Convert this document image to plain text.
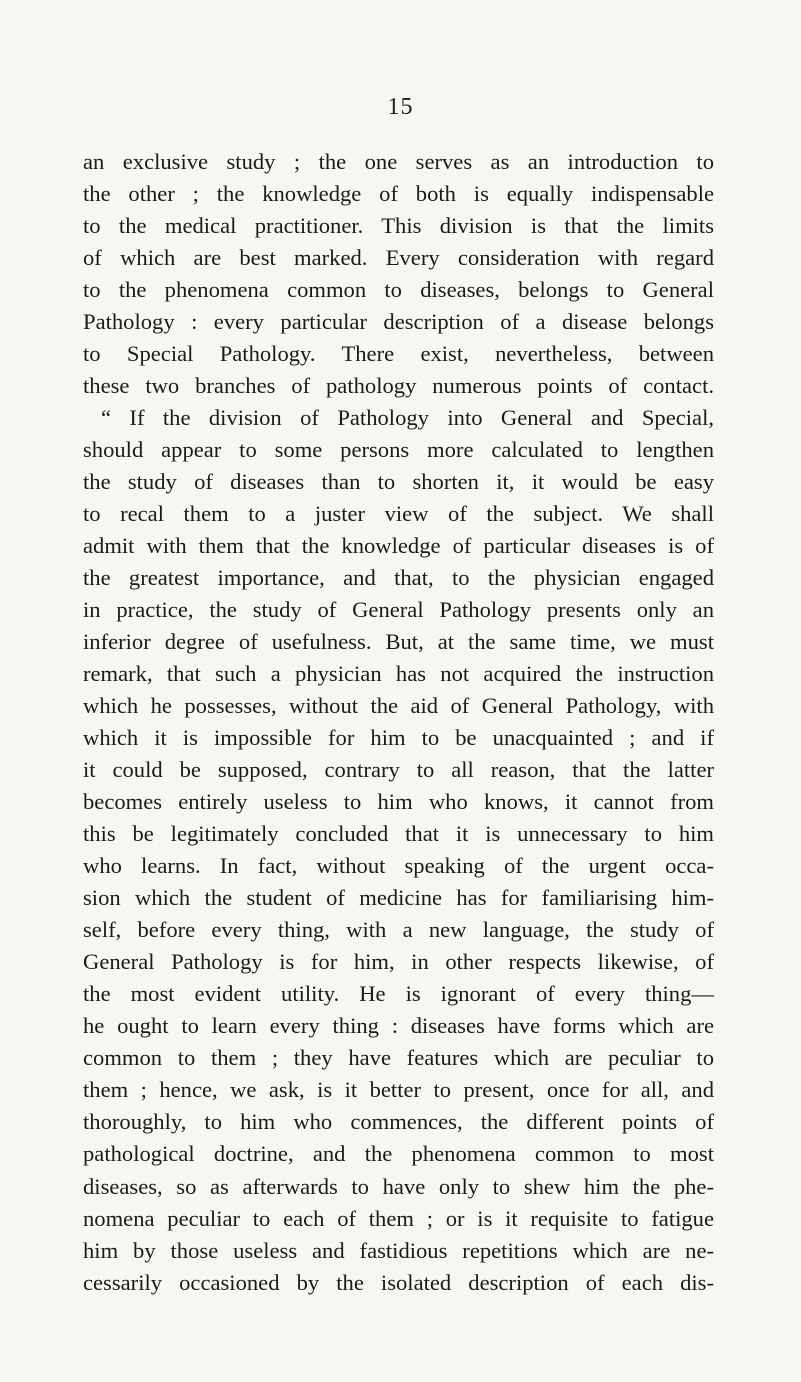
15
an exclusive study ; the one serves as an introduction to
the other ; the knowledge of both is equally indispensable
to the medical practitioner. This division is that the limits
of which are best marked. Every consideration with regard
to the phenomena common to diseases, belongs to General
Pathology : every particular description of a disease belongs
to Special Pathology. There exist, nevertheless, between
these two branches of pathology numerous points of contact.
“ If the division of Pathology into General and Special,
should appear to some persons more calculated to lengthen
the study of diseases than to shorten it, it would be easy
to recal them to a juster view of the subject. We shall
admit with them that the knowledge of particular diseases is of
the greatest importance, and that, to the physician engaged
in practice, the study of General Pathology presents only an
inferior degree of usefulness. But, at the same time, we must
remark, that such a physician has not acquired the instruction
which he possesses, without the aid of General Pathology, with
which it is impossible for him to be unacquainted ; and if
it could be supposed, contrary to all reason, that the latter
becomes entirely useless to him who knows, it cannot from
this be legitimately concluded that it is unnecessary to him
who learns. In fact, without speaking of the urgent occa-
sion which the student of medicine has for familiarising him-
self, before every thing, with a new language, the study of
General Pathology is for him, in other respects likewise, of
the most evident utility. He is ignorant of every thing—
he ought to learn every thing : diseases have forms which are
common to them ; they have features which are peculiar to
them ; hence, we ask, is it better to present, once for all, and
thoroughly, to him who commences, the different points of
pathological doctrine, and the phenomena common to most
diseases, so as afterwards to have only to shew him the phe-
nomena peculiar to each of them ; or is it requisite to fatigue
him by those useless and fastidious repetitions which are ne-
cessarily occasioned by the isolated description of each dis-
